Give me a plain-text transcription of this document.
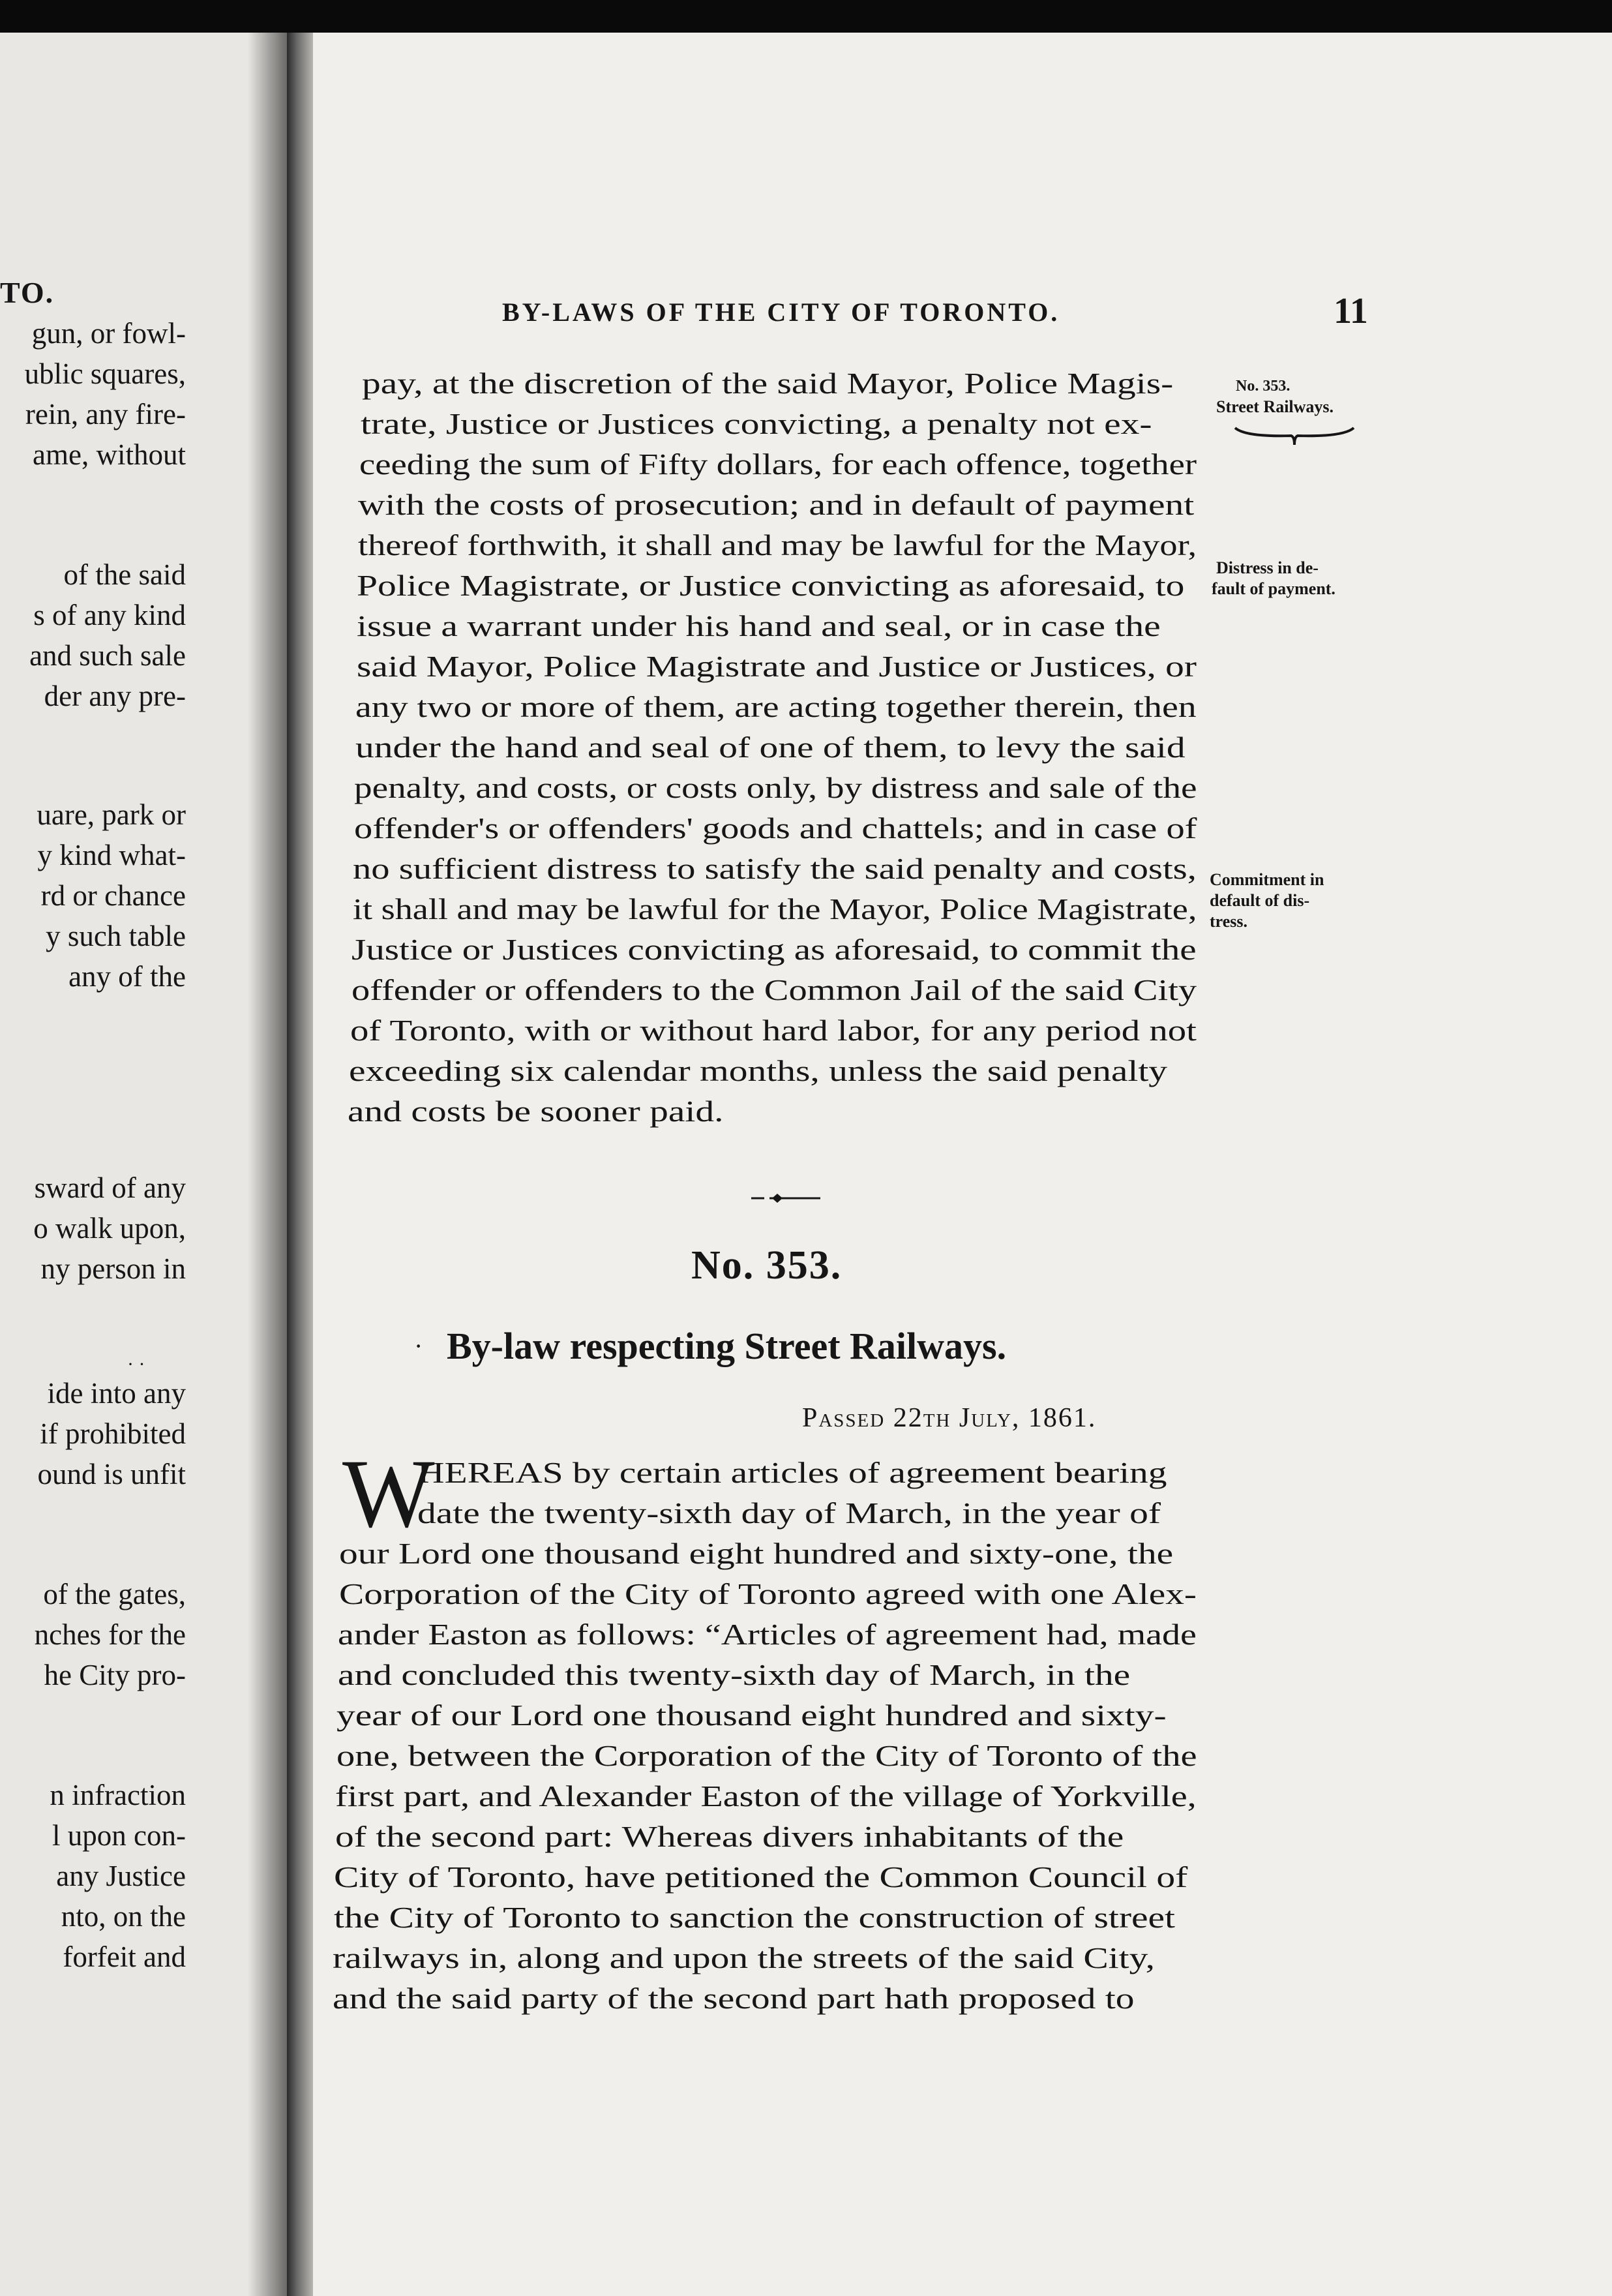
TO.
gun, or fowl-
ublic squares,
rein, any fire-
ame, without
of the said
s of any kind
and such sale
der any pre-
uare, park or
y kind what-
rd or chance
y such table
any of the
sward of any
o walk upon,
ny person in
· ·
ide into any
if prohibited
ound is unfit
of the gates,
nches for the
he City pro-
n infraction
l upon con-
any Justice
nto, on the
forfeit and
BY-LAWS OF THE CITY OF TORONTO.	11
No. 353.
Street Railways.
Distress in de-
fault of payment.
Commitment in
default of dis-
tress.
pay, at the discretion of the said Mayor, Police Magis-
trate, Justice or Justices convicting, a penalty not ex-
ceeding the sum of Fifty dollars, for each offence, together
with the costs of prosecution; and in default of payment
thereof forthwith, it shall and may be lawful for the Mayor,
Police Magistrate, or Justice convicting as aforesaid, to
issue a warrant under his hand and seal, or in case the
said Mayor, Police Magistrate and Justice or Justices, or
any two or more of them, are acting together therein, then
under the hand and seal of one of them, to levy the said
penalty, and costs, or costs only, by distress and sale of the
offender's or offenders' goods and chattels; and in case of
no sufficient distress to satisfy the said penalty and costs,
it shall and may be lawful for the Mayor, Police Magistrate,
Justice or Justices convicting as aforesaid, to commit the
offender or offenders to the Common Jail of the said City
of Toronto, with or without hard labor, for any period not
exceeding six calendar months, unless the said penalty
and costs be sooner paid.
No. 353.
· By-law respecting Street Railways.
Passed 22th July, 1861.
W
HEREAS by certain articles of agreement bearing
date the twenty-sixth day of March, in the year of
our Lord one thousand eight hundred and sixty-one, the
Corporation of the City of Toronto agreed with one Alex-
ander Easton as follows: “Articles of agreement had, made
and concluded this twenty-sixth day of March, in the
year of our Lord one thousand eight hundred and sixty-
one, between the Corporation of the City of Toronto of the
first part, and Alexander Easton of the village of Yorkville,
of the second part: Whereas divers inhabitants of the
City of Toronto, have petitioned the Common Council of
the City of Toronto to sanction the construction of street
railways in, along and upon the streets of the said City,
and the said party of the second part hath proposed to
